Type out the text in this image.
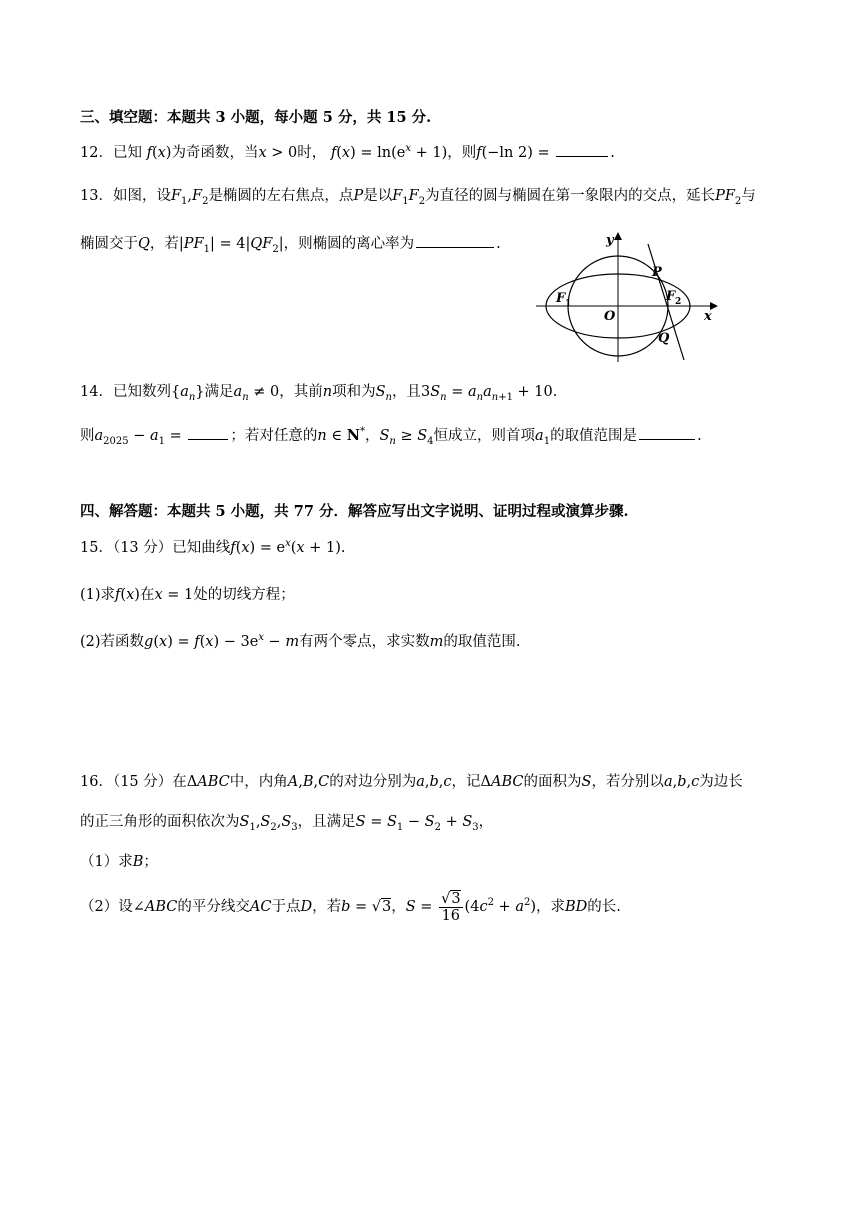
三、填空题：本题共 3 小题，每小题 5 分，共 15 分.
12．已知 f(x)为奇函数，当x > 0时， $f(x) = \ln(e^x + 1)$，则f(−ln 2) =	.
13．如图，设$F_1,F_2$是椭圆的左右焦点，点P是以$F_1F_2$为直径的圆与椭圆在第一象限内的交点，延长$PF_2$与
椭圆交于Q，若$|PF_1| = 4|QF_2|$，则椭圆的离心率为	.	y
x
O
P
Q
F 1	F 2
14．已知数列$\{a_n\}$满足$a_n \ne 0$，其前n项和为$S_n$，且$3S_n = a_na_{n+1} + 10$.
则$a_{2025} - a_1$ =	；若对任意的n ∈ N*，$S_n \ge S_4$恒成立，则首项$a_1$的取值范围是	.
四、解答题：本题共 5 小题，共 77 分．解答应写出文字说明、证明过程或演算步骤.
15．（13 分）已知曲线$f(x) = e^x(x + 1)$.
(1)求f(x)在x = 1处的切线方程；
(2)若函数$g(x) = f(x) - 3e^x - m$有两个零点，求实数m的取值范围.
16．（15 分）在ΔABC中，内角A,B,C的对边分别为a,b,c，记ΔABC的面积为S，若分别以a,b,c为边长
的正三角形的面积依次为$S_1,S_2,S_3$，且满足$S = S_1 - S_2 + S_3$，
（1）求B；
（2）设∠ABC的平分线交AC于点D，若b = √3，$S = \frac{√3}{16} (4c^2 + a^2)$，求BD的长.
